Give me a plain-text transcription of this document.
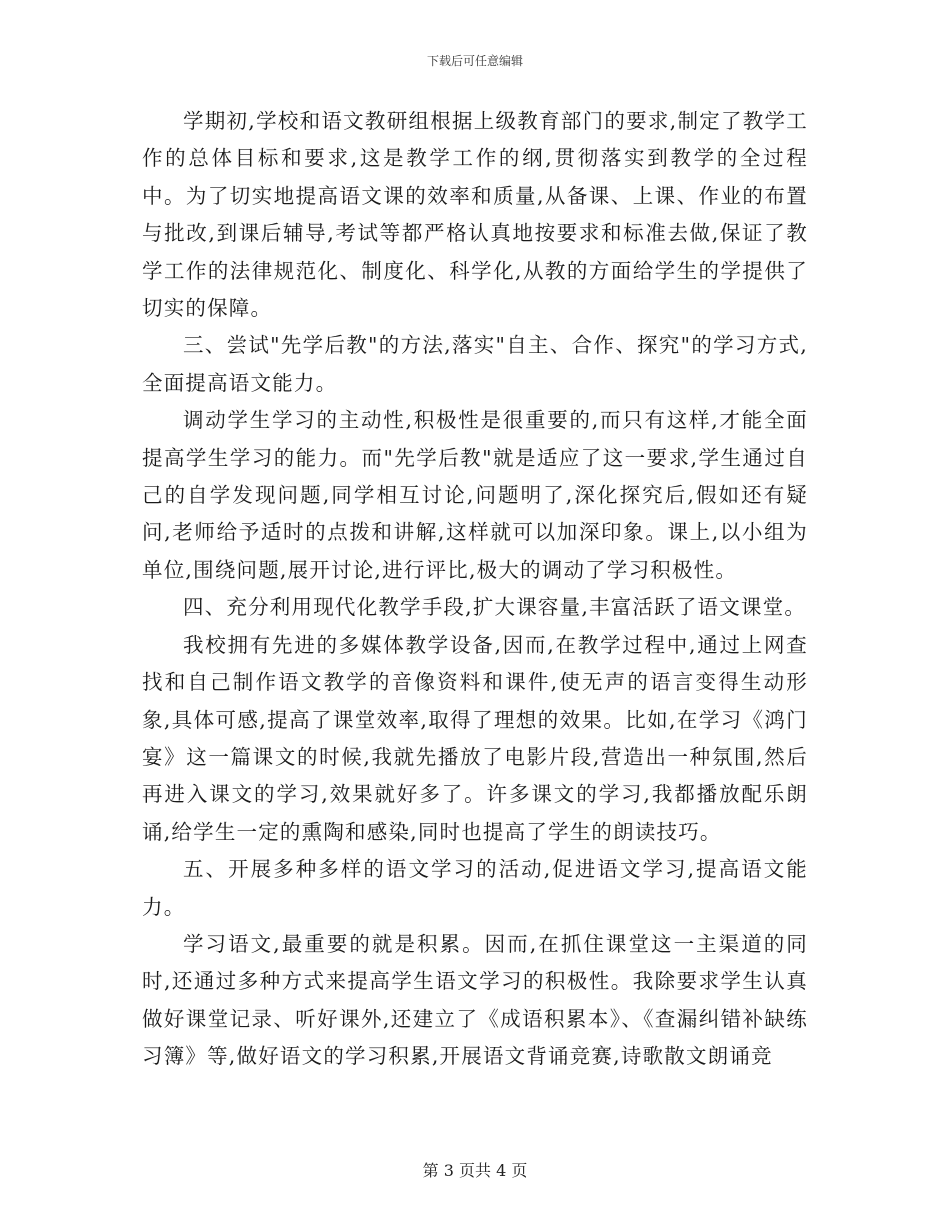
下载后可任意编辑

学期初,学校和语文教研组根据上级教育部门的要求,制定了教学工作的总体目标和要求,这是教学工作的纲,贯彻落实到教学的全过程中。为了切实地提高语文课的效率和质量,从备课、上课、作业的布置与批改,到课后辅导,考试等都严格认真地按要求和标准去做,保证了教学工作的法律规范化、制度化、科学化,从教的方面给学生的学提供了切实的保障。

三、尝试"先学后教"的方法,落实"自主、合作、探究"的学习方式,全面提高语文能力。

调动学生学习的主动性,积极性是很重要的,而只有这样,才能全面提高学生学习的能力。而"先学后教"就是适应了这一要求,学生通过自己的自学发现问题,同学相互讨论,问题明了,深化探究后,假如还有疑问,老师给予适时的点拨和讲解,这样就可以加深印象。课上,以小组为单位,围绕问题,展开讨论,进行评比,极大的调动了学习积极性。

四、充分利用现代化教学手段,扩大课容量,丰富活跃了语文课堂。

我校拥有先进的多媒体教学设备,因而,在教学过程中,通过上网查找和自己制作语文教学的音像资料和课件,使无声的语言变得生动形象,具体可感,提高了课堂效率,取得了理想的效果。比如,在学习《鸿门宴》这一篇课文的时候,我就先播放了电影片段,营造出一种氛围,然后再进入课文的学习,效果就好多了。许多课文的学习,我都播放配乐朗诵,给学生一定的熏陶和感染,同时也提高了学生的朗读技巧。

五、开展多种多样的语文学习的活动,促进语文学习,提高语文能力。

学习语文,最重要的就是积累。因而,在抓住课堂这一主渠道的同时,还通过多种方式来提高学生语文学习的积极性。我除要求学生认真做好课堂记录、听好课外,还建立了《成语积累本》、《查漏纠错补缺练习簿》等,做好语文的学习积累,开展语文背诵竞赛,诗歌散文朗诵竞

第 3 页共 4 页
